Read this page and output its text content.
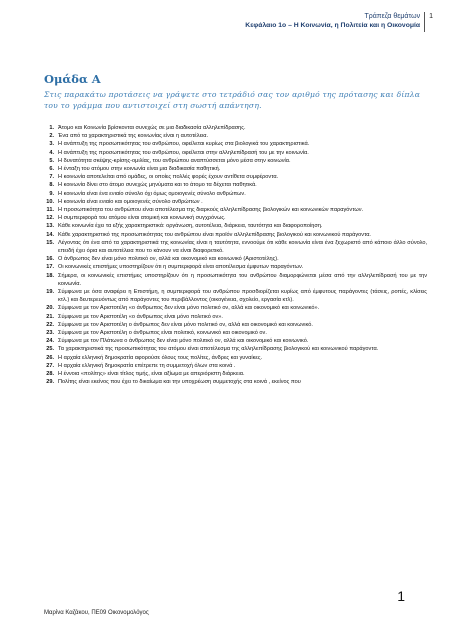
Τράπεζα θεμάτων
Κεφάλαιο 1ο – Η Κοινωνία, η Πολιτεία και η Οικονομία
1
Ομάδα Α
Στις παρακάτω προτάσεις να γράψετε στο τετράδιό σας τον αριθμό της πρότασης και δίπλα του το γράμμα που αντιστοιχεί στη σωστή απάντηση.
1. Άτομο και Κοινωνία βρίσκονται συνεχώς σε μια διαδικασία αλληλεπίδρασης.
2. Ένα από τα χαρακτηριστικά της κοινωνίας είναι η αυτοτέλεια.
3. Η ανάπτυξη της προσωπικότητας του ανθρώπου, οφείλεται κυρίως στα βιολογικά του χαρακτηριστικά.
4. Η ανάπτυξη της προσωπικότητας του ανθρώπου, οφείλεται στην αλληλεπίδρασή του με την κοινωνία.
5. Η δυνατότητα σκέψης-κρίσης-ομιλίας, του ανθρώπου αναπτύσσεται μόνο μέσα στην κοινωνία.
6. Η ένταξη του ατόμου στην κοινωνία είναι μια διαδικασία παθητική.
7. Η κοινωνία αποτελείται από ομάδες, οι οποίες πολλές φορές έχουν αντίθετα συμφέροντα.
8. Η κοινωνία δίνει στο άτομο συνεχώς μηνύματα και το άτομο τα δέχεται παθητικά.
9. Η κοινωνία είναι ένα ενιαίο σύνολο όχι όμως ομοιογενές σύνολο ανθρώπων.
10. Η κοινωνία είναι ενιαίο και ομοιογενές σύνολο ανθρώπων .
11. Η προσωπικότητα του ανθρώπου είναι αποτέλεσμα της διαρκούς αλληλεπίδρασης βιολογικών και κοινωνικών παραγόντων.
12. Η συμπεριφορά του ατόμου είναι ατομική και κοινωνική συγχρόνως.
13. Κάθε κοινωνία έχει τα εξής χαρακτηριστικά: οργάνωση, αυτοτέλεια, διάρκεια, ταυτότητα και διαφοροποίηση.
14. Κάθε χαρακτηριστικό της προσωπικότητας του ανθρώπου είναι προϊόν αλληλεπίδρασης βιολογικού και κοινωνικού παράγοντα.
15. Λέγοντας ότι ένα από τα χαρακτηριστικά της κοινωνίας είναι η ταυτότητα, εννοούμε ότι κάθε κοινωνία είναι ένα ξεχωριστό από κάποιο άλλο σύνολο, επειδή έχει όρια και αυτοτέλεια που το κάνουν να είναι διαφορετικό.
16. Ο άνθρωπος δεν είναι μόνο πολιτικό ον, αλλά και οικονομικό και κοινωνικό (Αριστοτέλης).
17. Οι κοινωνικές επιστήμες υποστηρίζουν ότι η συμπεριφορά είναι αποτέλεσμα έμφυτων παραγόντων.
18. Σήμερα, οι κοινωνικές επιστήμες υποστηρίζουν ότι η προσωπικότητα του ανθρώπου διαμορφώνεται μέσα από την αλληλεπίδρασή του με την κοινωνία.
19. Σύμφωνα με όσα αναφέρει η Επιστήμη, η συμπεριφορά του ανθρώπου προσδιορίζεται κυρίως από έμφυτους παράγοντες (τάσεις, ροπές, κλίσεις κτλ.) και δευτερευόντως από παράγοντες του περιβάλλοντος (οικογένεια, σχολείο, εργασία κτλ).
20. Σύμφωνα με τον Αριστοτέλη «ο άνθρωπος δεν είναι μόνο πολιτικό ον, αλλά και οικονομικό και κοινωνικό».
21. Σύμφωνα με τον Αριστοτέλη «ο άνθρωπος είναι μόνο πολιτικό ον».
22. Σύμφωνα με τον Αριστοτέλη ο άνθρωπος δεν είναι μόνο πολιτικό ον, αλλά και οικονομικό και κοινωνικό.
23. Σύμφωνα με τον Αριστοτέλη ο άνθρωπος είναι πολιτικό, κοινωνικό και οικονομικό ον.
24. Σύμφωνα με τον Πλάτωνα ο άνθρωπος δεν είναι μόνο πολιτικό ον, αλλά και οικονομικό και κοινωνικό.
25. Τα χαρακτηριστικά της προσωπικότητας του ατόμου είναι αποτέλεσμα της αλληλεπίδρασης βιολογικού και κοινωνικού παράγοντα.
26. Η αρχαία ελληνική δημοκρατία αφορούσε όλους τους πολίτες, άνδρες και γυναίκες.
27. Η αρχαία ελληνική δημοκρατία επέτρεπε τη συμμετοχή όλων στα κοινά .
28. Η έννοια «πολίτης» είναι τίτλος τιμής, είναι αξίωμα με απεριόριστη διάρκεια.
29. Πολίτης είναι εκείνος που έχει το δικαίωμα και την υποχρέωση συμμετοχής στα κοινά , εκείνος που
Μαρίνα Καζάκου, ΠΕ09 Οικονομολόγος
1
